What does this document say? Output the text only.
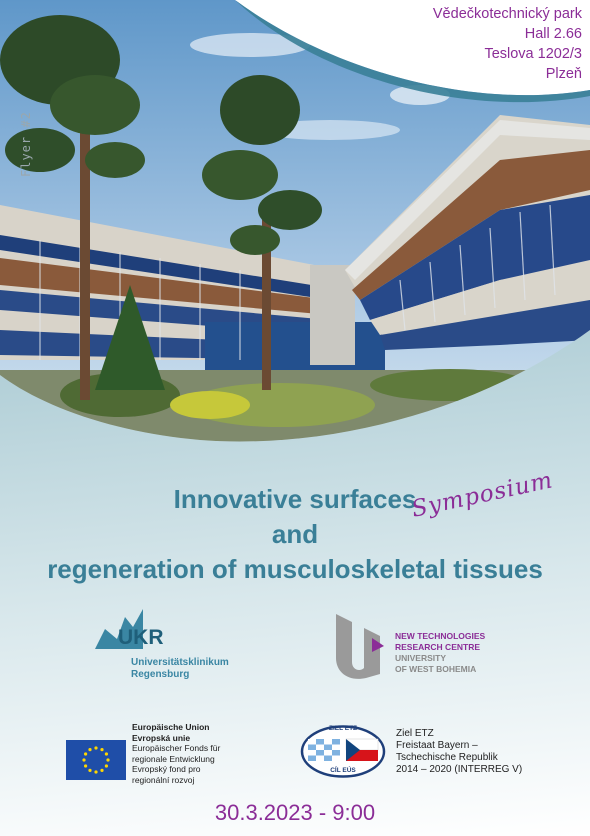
Vědečkotechnický park
Hall 2.66
Teslova 1202/3
Plzeň
Flyer #2
Innovative surfaces
and
regeneration of musculoskeletal tissues
Symposium
UKR
Universitätsklinikum
Regensburg
NEW TECHNOLOGIES
RESEARCH CENTRE
UNIVERSITY
OF WEST BOHEMIA
Europäische Union
Evropská unie
Europäischer Fonds für
regionale Entwicklung
Evropský fond pro
regionální rozvoj
ZIEL ETZ
CÍL EÚS
Ziel ETZ
Freistaat Bayern –
Tschechische Republik
2014 – 2020 (INTERREG V)
30.3.2023 - 9:00
